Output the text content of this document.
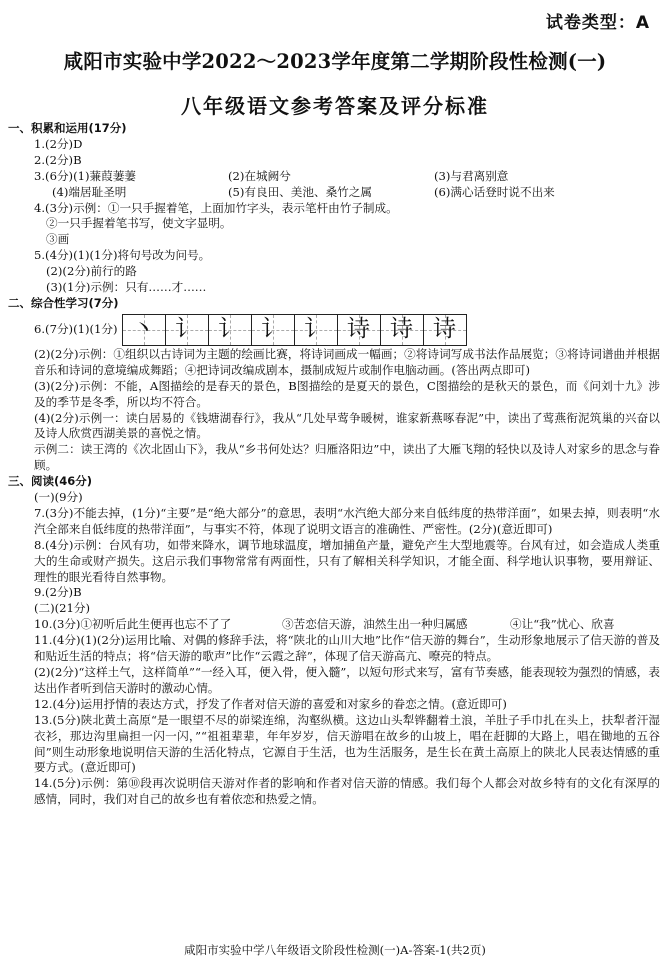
试卷类型：A
咸阳市实验中学2022～2023学年度第二学期阶段性检测(一)
八年级语文参考答案及评分标准
一、积累和运用(17分)
1.(2分)D
2.(2分)B
3.(6分)(1)蒹葭萋萋	(2)在城阙兮	(3)与君离别意
(4)端居耻圣明	(5)有良田、美池、桑竹之属	(6)满心话登时说不出来
4.(3分)示例：①一只手握着笔，上面加竹字头，表示笔杆由竹子制成。
②一只手握着笔书写，使文字显明。
③画
5.(4分)(1)(1分)将句号改为问号。
(2)(2分)前行的路
(3)(1分)示例：只有……才……
二、综合性学习(7分)
6.(7分)(1)(1分) 丶 讠 讠 讠 讠 诗 诗 诗
(2)(2分)示例：①组织以古诗词为主题的绘画比赛，将诗词画成一幅画；②将诗词写成书法作品展览；③将诗词谱曲并根据音乐和诗词的意境编成舞蹈；④把诗词改编成剧本，摄制成短片或制作电脑动画。(答出两点即可)
(3)(2分)示例：不能，A图描绘的是春天的景色，B图描绘的是夏天的景色，C图描绘的是秋天的景色，而《问刘十九》涉及的季节是冬季，所以均不符合。
(4)(2分)示例一：读白居易的《钱塘湖春行》，我从“几处早莺争暖树，谁家新燕啄春泥”中，读出了莺燕衔泥筑巢的兴奋以及诗人欣赏西湖美景的喜悦之情。
示例二：读王湾的《次北固山下》，我从“乡书何处达？归雁洛阳边”中，读出了大雁飞翔的轻快以及诗人对家乡的思念与眷顾。
三、阅读(46分)
(一)(9分)
7.(3分)不能去掉，(1分)“主要”是“绝大部分”的意思，表明“水汽绝大部分来自低纬度的热带洋面”，如果去掉，则表明“水汽全部来自低纬度的热带洋面”，与事实不符，体现了说明文语言的准确性、严密性。(2分)(意近即可)
8.(4分)示例：台风有功，如带来降水，调节地球温度，增加捕鱼产量，避免产生大型地震等。台风有过，如会造成人类重大的生命或财产损失。这启示我们事物常常有两面性，只有了解相关科学知识，才能全面、科学地认识事物，要用辩证、理性的眼光看待自然事物。
9.(2分)B
(二)(21分)
10.(3分)①初听后此生便再也忘不了了	③苦恋信天游，油然生出一种归属感	④让“我”忧心、欣喜
11.(4分)(1)(2分)运用比喻、对偶的修辞手法，将“陕北的山川大地”比作“信天游的舞台”，生动形象地展示了信天游的普及和贴近生活的特点；将“信天游的歌声”比作“云霞之辞”，体现了信天游高亢、嘹亮的特点。
(2)(2分)“这样土气，这样简单”“一经入耳，便入骨，便入髓”，以短句形式来写，富有节奏感，能表现较为强烈的情感，表达出作者听到信天游时的激动心情。
12.(4分)运用抒情的表达方式，抒发了作者对信天游的喜爱和对家乡的眷恋之情。(意近即可)
13.(5分)陕北黄土高原“是一眼望不尽的峁梁连绵，沟壑纵横。这边山头犁铧翻着土浪，羊肚子手巾扎在头上，扶犁者汗湿衣衫，那边沟里扁担一闪一闪，”“祖祖辈辈，年年岁岁，信天游唱在故乡的山坡上，唱在赶脚的大路上，唱在锄地的五谷间”则生动形象地说明信天游的生活化特点，它源自于生活，也为生活服务，是生长在黄土高原上的陕北人民表达情感的重要方式。(意近即可)
14.(5分)示例：第⑩段再次说明信天游对作者的影响和作者对信天游的情感。我们每个人都会对故乡特有的文化有深厚的感情，同时，我们对自己的故乡也有着依恋和热爱之情。
咸阳市实验中学八年级语文阶段性检测(一)A-答案-1(共2页)
